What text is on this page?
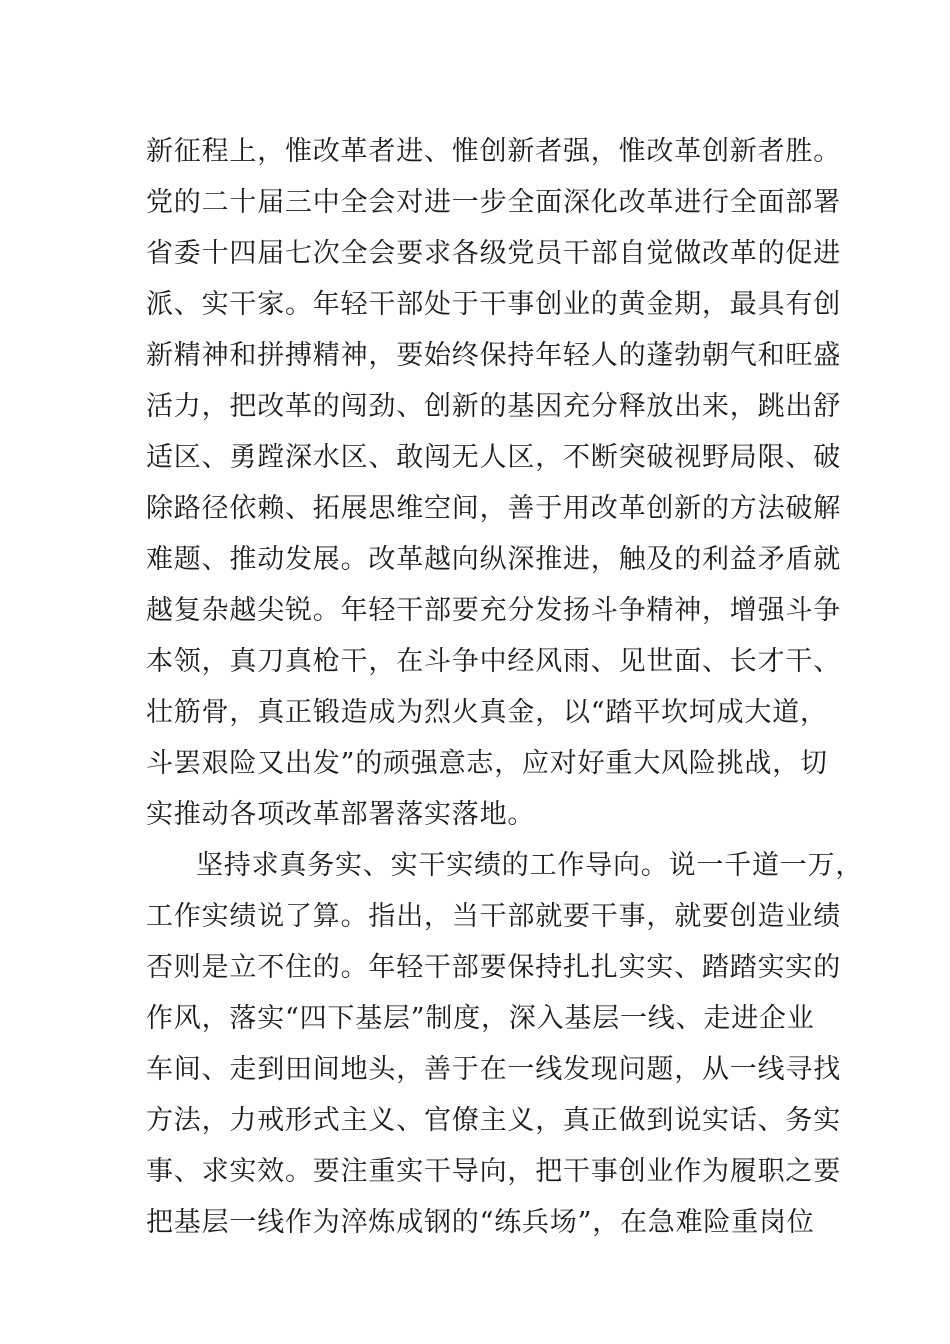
新征程上，惟改革者进、惟创新者强，惟改革创新者胜。

党的二十届三中全会对进一步全面深化改革进行全面部署

省委十四届七次全会要求各级党员干部自觉做改革的促进

派、实干家。年轻干部处于干事创业的黄金期，最具有创

新精神和拼搏精神，要始终保持年轻人的蓬勃朝气和旺盛

活力，把改革的闯劲、创新的基因充分释放出来，跳出舒

适区、勇蹚深水区、敢闯无人区，不断突破视野局限、破

除路径依赖、拓展思维空间，善于用改革创新的方法破解

难题、推动发展。改革越向纵深推进，触及的利益矛盾就

越复杂越尖锐。年轻干部要充分发扬斗争精神，增强斗争

本领，真刀真枪干，在斗争中经风雨、见世面、长才干、

壮筋骨，真正锻造成为烈火真金，以“踏平坎坷成大道，

斗罢艰险又出发”的顽强意志，应对好重大风险挑战，切

实推动各项改革部署落实落地。

坚持求真务实、实干实绩的工作导向。说一千道一万，

工作实绩说了算。指出，当干部就要干事，就要创造业绩

否则是立不住的。年轻干部要保持扎扎实实、踏踏实实的

作风，落实“四下基层”制度，深入基层一线、走进企业

车间、走到田间地头，善于在一线发现问题，从一线寻找

方法，力戒形式主义、官僚主义，真正做到说实话、务实

事、求实效。要注重实干导向，把干事创业作为履职之要

把基层一线作为淬炼成钢的“练兵场”，在急难险重岗位
